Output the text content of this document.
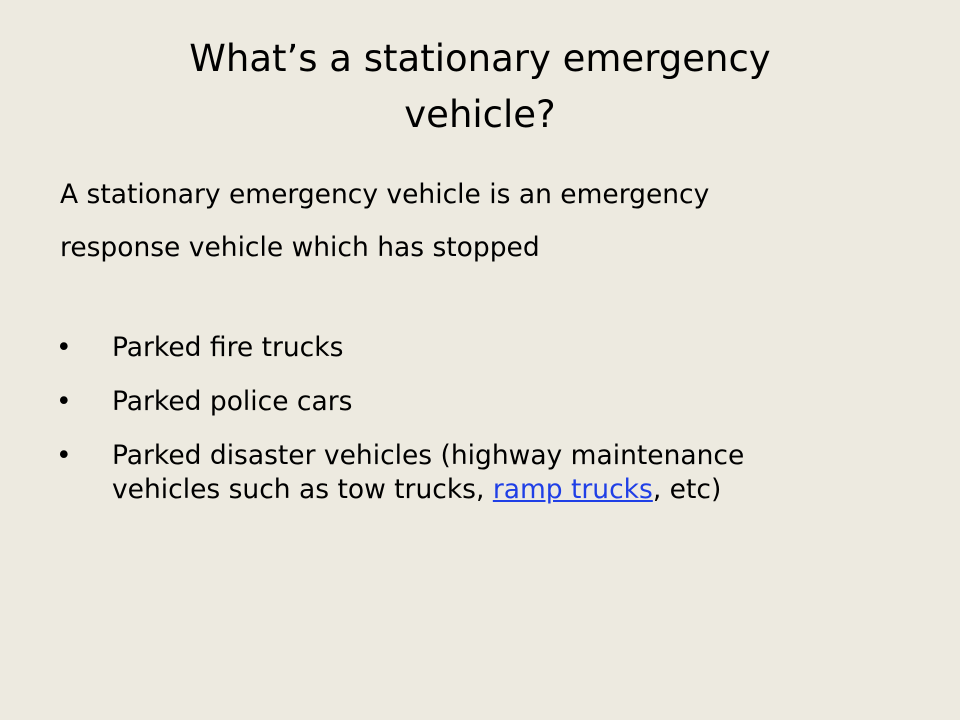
What’s a stationary emergency
vehicle?

A stationary emergency vehicle is an emergency
response vehicle which has stopped

• Parked fire trucks
• Parked police cars
• Parked disaster vehicles (highway maintenance
vehicles such as tow trucks, ramp trucks, etc)
